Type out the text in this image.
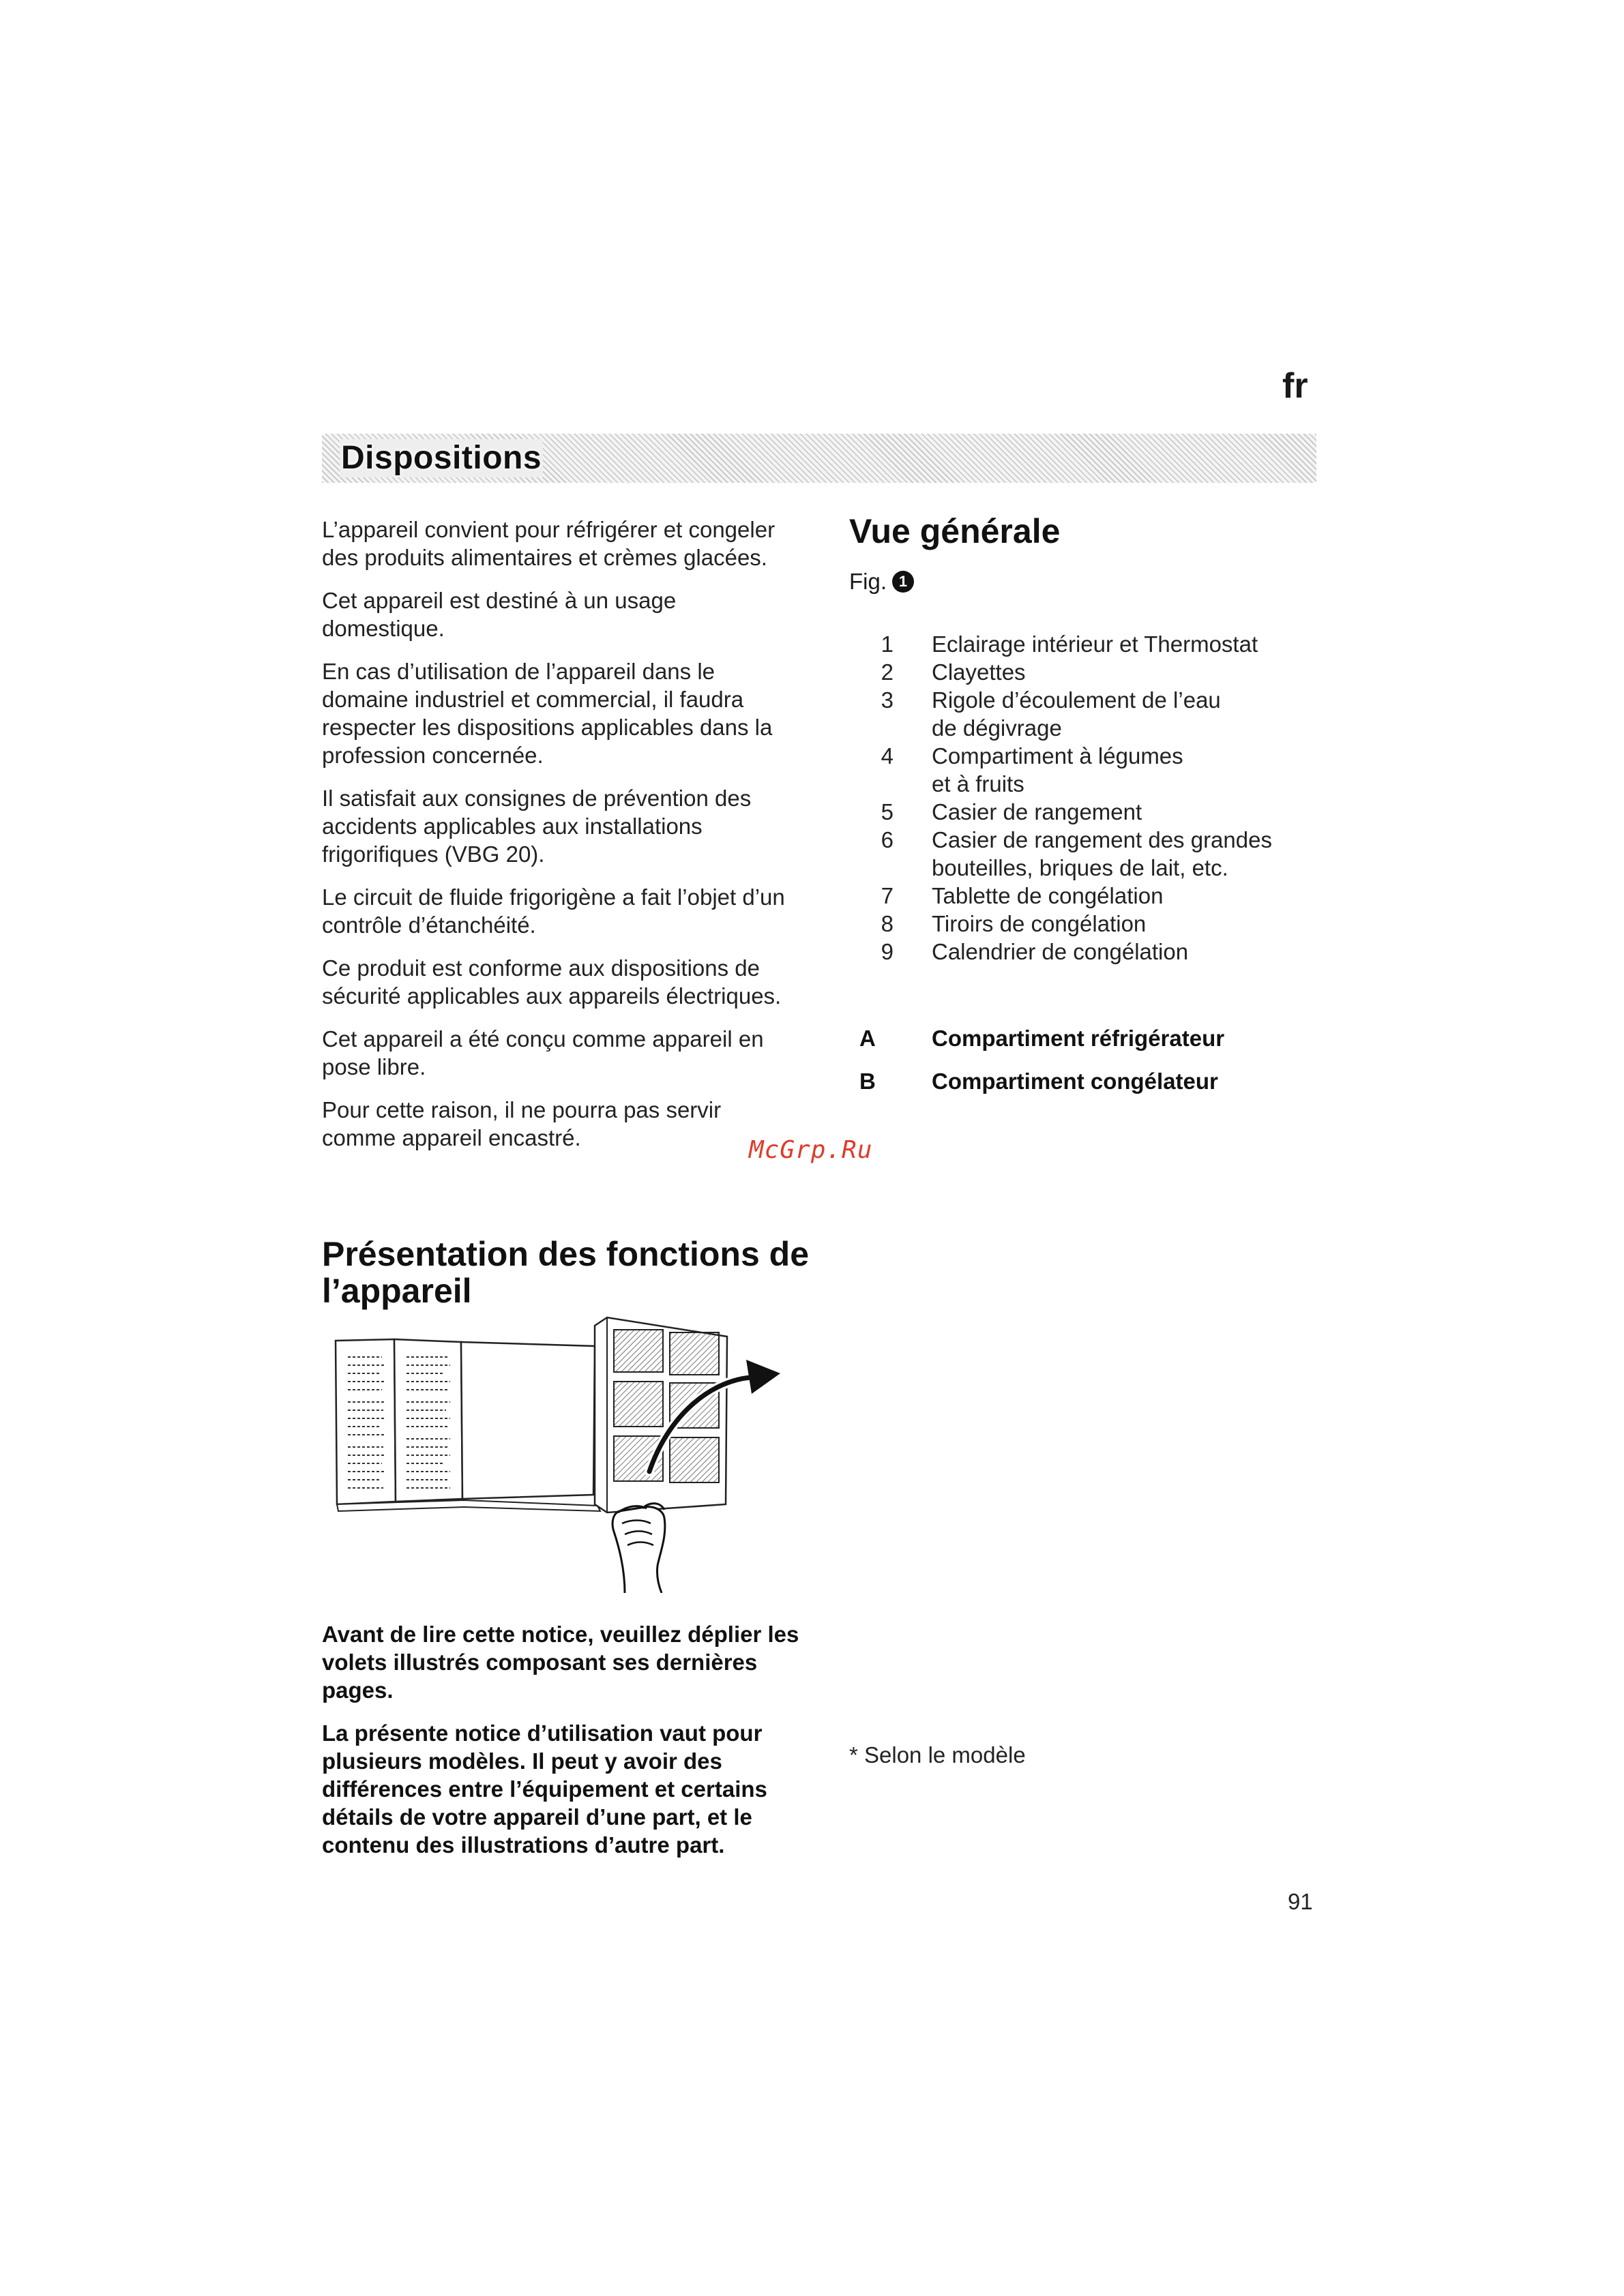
fr
Dispositions

L’appareil convient pour réfrigérer et congeler des produits alimentaires et crèmes glacées.

Cet appareil est destiné à un usage domestique.

En cas d’utilisation de l’appareil dans le domaine industriel et commercial, il faudra respecter les dispositions applicables dans la profession concernée.

Il satisfait aux consignes de prévention des accidents applicables aux installations frigorifiques (VBG 20).

Le circuit de fluide frigorigène a fait l’objet d’un contrôle d’étanchéité.

Ce produit est conforme aux dispositions de sécurité applicables aux appareils électriques.

Cet appareil a été conçu comme appareil en pose libre.

Pour cette raison, il ne pourra pas servir comme appareil encastré.	McGrp.Ru
Présentation des fonctions de l’appareil

Avant de lire cette notice, veuillez déplier les volets illustrés composant ses dernières pages.

La présente notice d’utilisation vaut pour plusieurs modèles. Il peut y avoir des différences entre l’équipement et certains détails de votre appareil d’une part, et le contenu des illustrations d’autre part.

Vue générale
Fig. 1
1 Eclairage intérieur et Thermostat
2 Clayettes
3 Rigole d’écoulement de l’eau
de dégivrage
4 Compartiment à légumes
et à fruits
5 Casier de rangement
6 Casier de rangement des grandes
bouteilles, briques de lait, etc.
7 Tablette de congélation
8 Tiroirs de congélation
9 Calendrier de congélation
A	Compartiment réfrigérateur
B	Compartiment congélateur
* Selon le modèle
91
